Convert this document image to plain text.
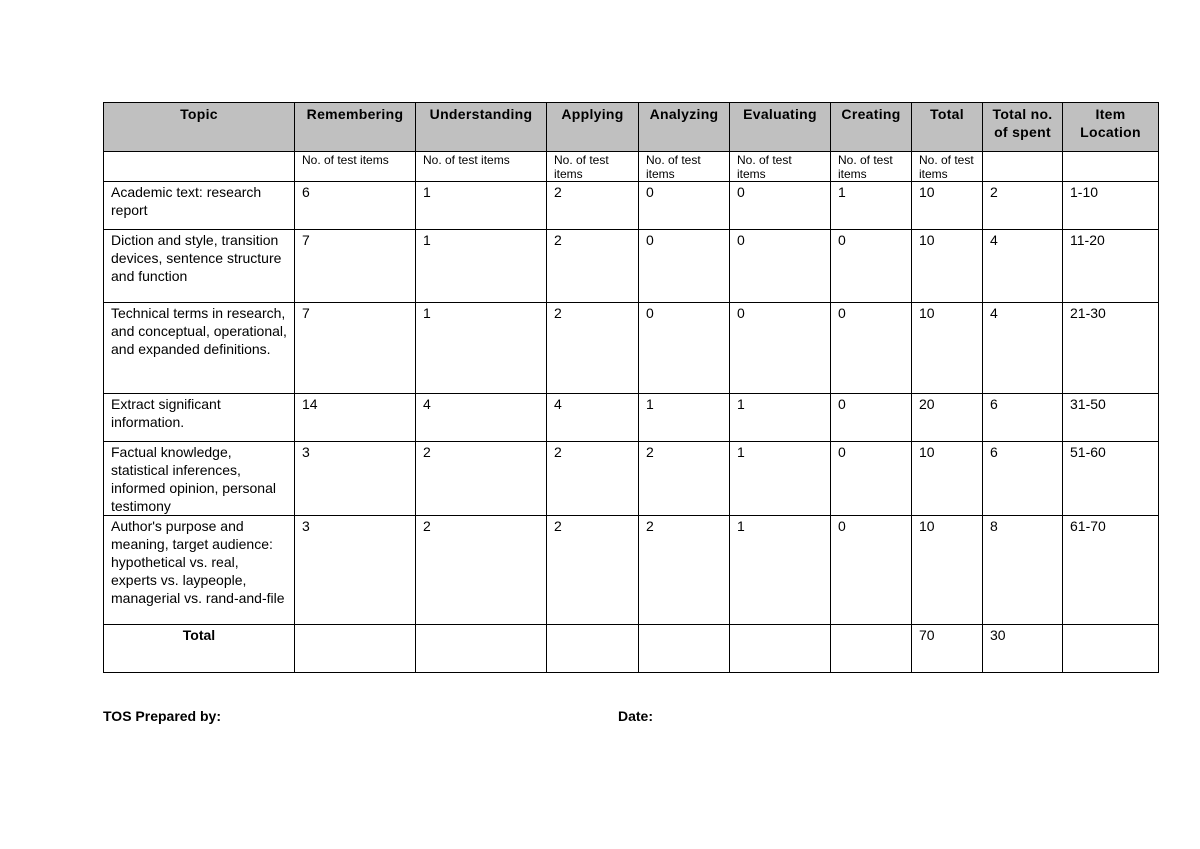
Topic	Remembering	Understanding	Applying	Analyzing	Evaluating	Creating	Total	Total no. of spent	Item Location
	No. of test items	No. of test items	No. of test items	No. of test items	No. of test items	No. of test items	No. of test items		
Academic text: research report	6	1	2	0	0	1	10	2	1-10
Diction and style, transition devices, sentence structure and function	7	1	2	0	0	0	10	4	11-20
Technical terms in research, and conceptual, operational, and expanded definitions.	7	1	2	0	0	0	10	4	21-30
Extract significant information.	14	4	4	1	1	0	20	6	31-50
Factual knowledge, statistical inferences, informed opinion, personal testimony	3	2	2	2	1	0	10	6	51-60
Author's purpose and meaning, target audience: hypothetical vs. real, experts vs. laypeople, managerial vs. rand-and-file	3	2	2	2	1	0	10	8	61-70
Total							70	30	
TOS Prepared by:	Date:
